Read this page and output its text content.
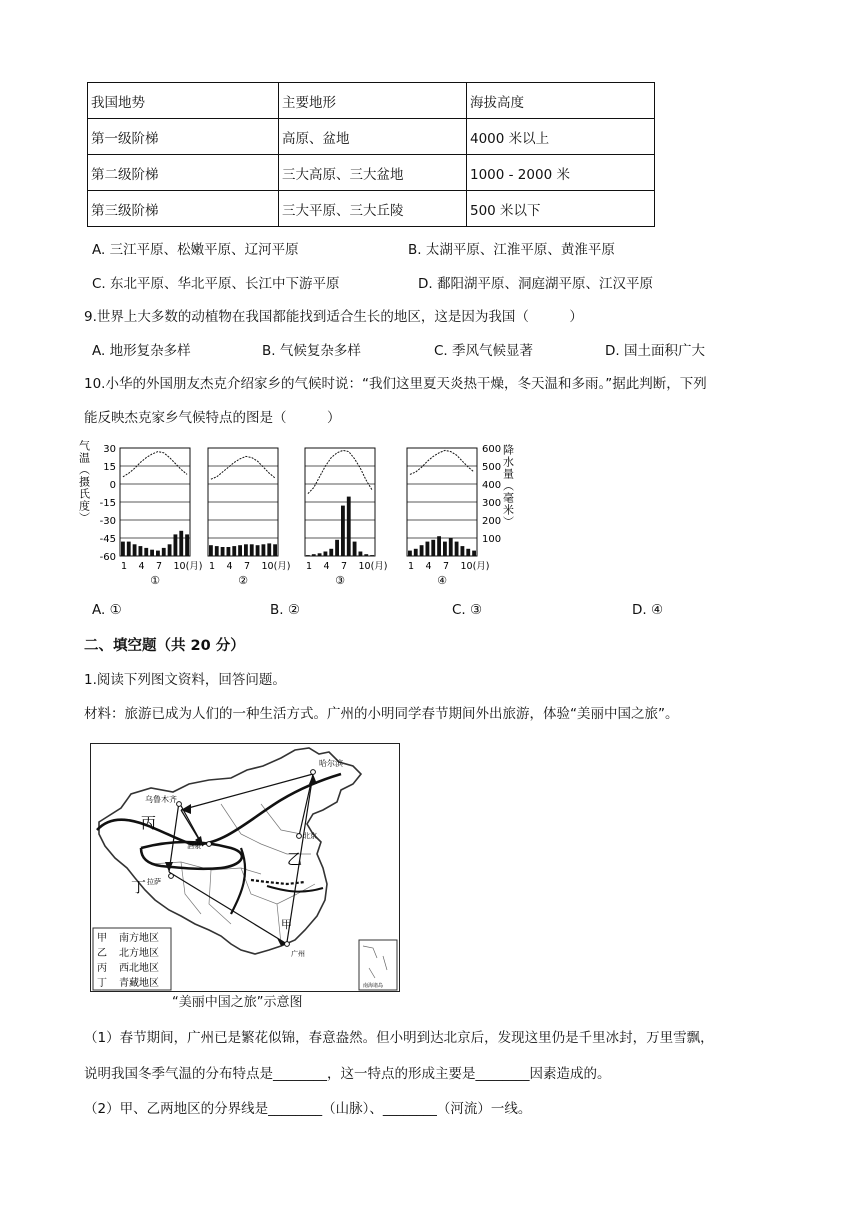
我国地势	主要地形	海拔高度
第一级阶梯	高原、盆地	4000 米以上
第二级阶梯	三大高原、三大盆地	1000 - 2000 米
第三级阶梯	三大平原、三大丘陵	500 米以下
A. 三江平原、松嫩平原、辽河平原	B. 太湖平原、江淮平原、黄淮平原
C. 东北平原、华北平原、长江中下游平原	D. 鄱阳湖平原、洞庭湖平原、江汉平原
9.世界上大多数的动植物在我国都能找到适合生长的地区，这是因为我国（　　　）
A. 地形复杂多样	B. 气候复杂多样	C. 季风气候显著	D. 国土面积广大
10.小华的外国朋友杰克介绍家乡的气候时说：“我们这里夏天炎热干燥，冬天温和多雨。”据此判断，下列
能反映杰克家乡气候特点的图是（　　　）
气温（摄氏度）	降水量（毫米）
30
15
0
-15
-30
-45
-60
600
500
400
300
200
100
1 4 7 10(月)
①
1 4 7 10(月)
②
1 4 7 10(月)
③
1 4 7 10(月)
④
A. ①	B. ②	C. ③	D. ④
二、填空题（共 20 分）
1.阅读下列图文资料，回答问题。
材料：旅游已成为人们的一种生活方式。广州的小明同学春节期间外出旅游，体验“美丽中国之旅”。
乌鲁木齐
哈尔滨
酒泉
北京
拉萨
广州
丙
乙
丁
甲
甲 南方地区
乙 北方地区
丙 西北地区
丁 青藏地区	南海诸岛
“美丽中国之旅”示意图
（1）春节期间，广州已是繁花似锦，春意盎然。但小明到达北京后，发现这里仍是千里冰封，万里雪飘，
说明我国冬季气温的分布特点是________，这一特点的形成主要是________因素造成的。
（2）甲、乙两地区的分界线是________（山脉）、________（河流）一线。
